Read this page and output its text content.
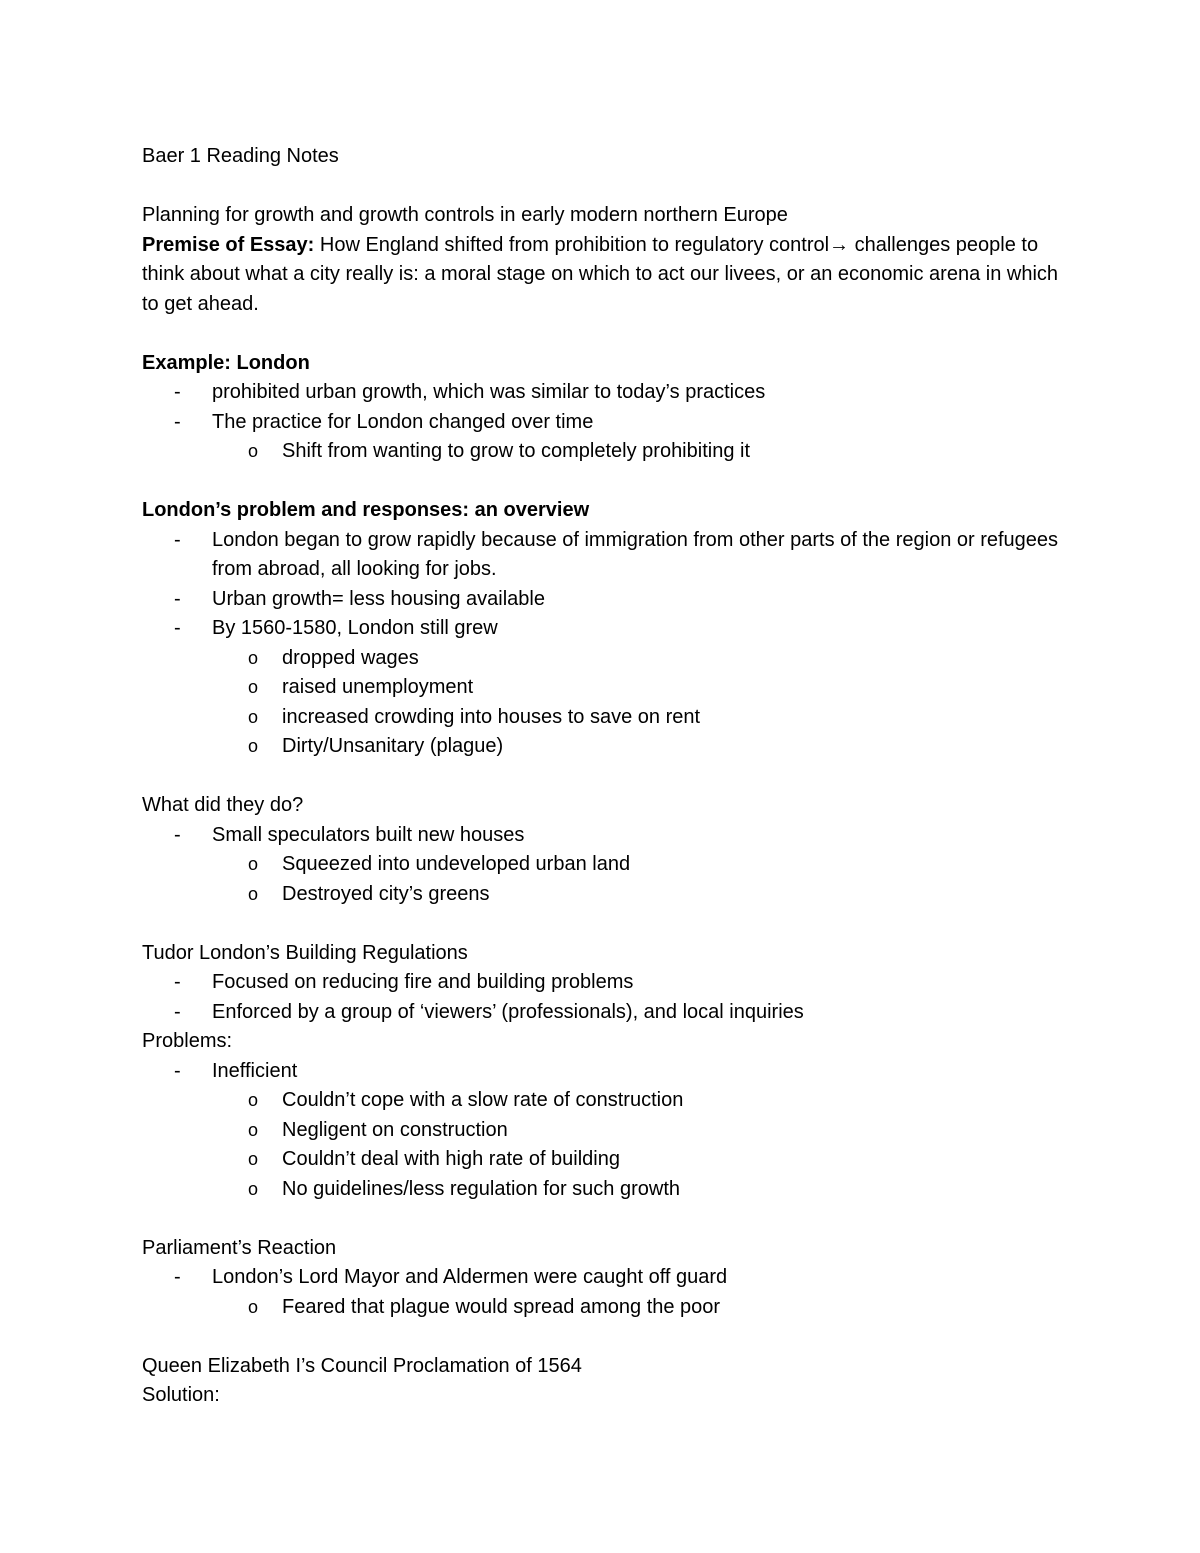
Baer 1 Reading Notes
Planning for growth and growth controls in early modern northern Europe
Premise of Essay: How England shifted from prohibition to regulatory control→ challenges people to think about what a city really is: a moral stage on which to act our livees, or an economic arena in which to get ahead.
Example: London
-	prohibited urban growth, which was similar to today’s practices
-	The practice for London changed over time
o	Shift from wanting to grow to completely prohibiting it
London’s problem and responses: an overview
-	London began to grow rapidly because of immigration from other parts of the region or refugees from abroad, all looking for jobs.
-	Urban growth= less housing available
-	By 1560-1580, London still grew
o	dropped wages
o	raised unemployment
o	increased crowding into houses to save on rent
o	Dirty/Unsanitary (plague)
What did they do?
-	Small speculators built new houses
o	Squeezed into undeveloped urban land
o	Destroyed city’s greens
Tudor London’s Building Regulations
-	Focused on reducing fire and building problems
-	Enforced by a group of ‘viewers’ (professionals), and local inquiries
Problems:
-	Inefficient
o	Couldn’t cope with a slow rate of construction
o	Negligent on construction
o	Couldn’t deal with high rate of building
o	No guidelines/less regulation for such growth
Parliament’s Reaction
-	London’s Lord Mayor and Aldermen were caught off guard
o	Feared that plague would spread among the poor
Queen Elizabeth I’s Council Proclamation of 1564
Solution:
